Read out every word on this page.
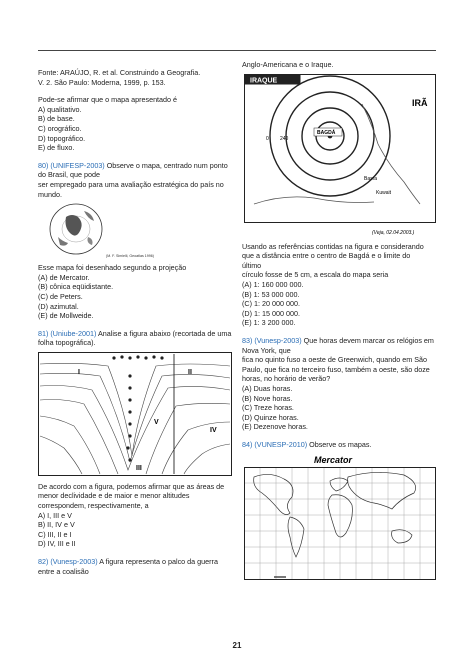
Fonte: ARAÚJO, R. et al. Construindo a Geografia.

V. 2. São Paulo: Moderna, 1999, p. 153.

Pode-se afirmar que o mapa apresentado é

A) qualitativo.

B) de base.

C) orográfico.

D) topográfico.

E) de fluxo.

80) (UNIFESP-2003) Observe o mapa, centrado num ponto do Brasil, que pode

ser empregado para uma avaliação estratégica do país no mundo.

(M. F. Simielli, Geoatlas 1996)

Esse mapa foi desenhado segundo a projeção

(A) de Mercator.

(B) cônica eqüidistante.

(C) de Peters.

(D) azimutal.

(E) de Mollweide.

81) (Uniube-2001) Analise a figura abaixo (recortada de uma folha topográfica).

I	II
III
IV
V

De acordo com a figura, podemos afirmar que as áreas de

menor declividade e de maior e menor altitudes

correspondem, respectivamente, a

A) I, III e V

B) II, IV e V

C) III, II e I

D) IV, III e II

82) (Vunesp-2003) A figura representa o palco da guerra entre a coalisão

Anglo-Americana e o Iraque.

IRAQUE
BAGDÁ
IRÃ
Kuwait
Basra
0 240
(Veja, 02.04.2003.)

Usando as referências contidas na figura e considerando

que a distância entre o centro de Bagdá e o limite do

último

círculo fosse de 5 cm, a escala do mapa seria

(A) 1: 160 000 000.

(B) 1: 53 000 000.

(C) 1: 20 000 000.

(D) 1: 15 000 000.

(E) 1: 3 200 000.

83) (Vunesp-2003) Que horas devem marcar os relógios em Nova York, que

fica no quinto fuso a oeste de Greenwich, quando em São

Paulo, que fica no terceiro fuso, também a oeste, são doze

horas, no horário de verão?

(A) Duas horas.

(B) Nove horas.

(C) Treze horas.

(D) Quinze horas.

(E) Dezenove horas.

84) (VUNESP-2010) Observe os mapas.

Mercator
21
